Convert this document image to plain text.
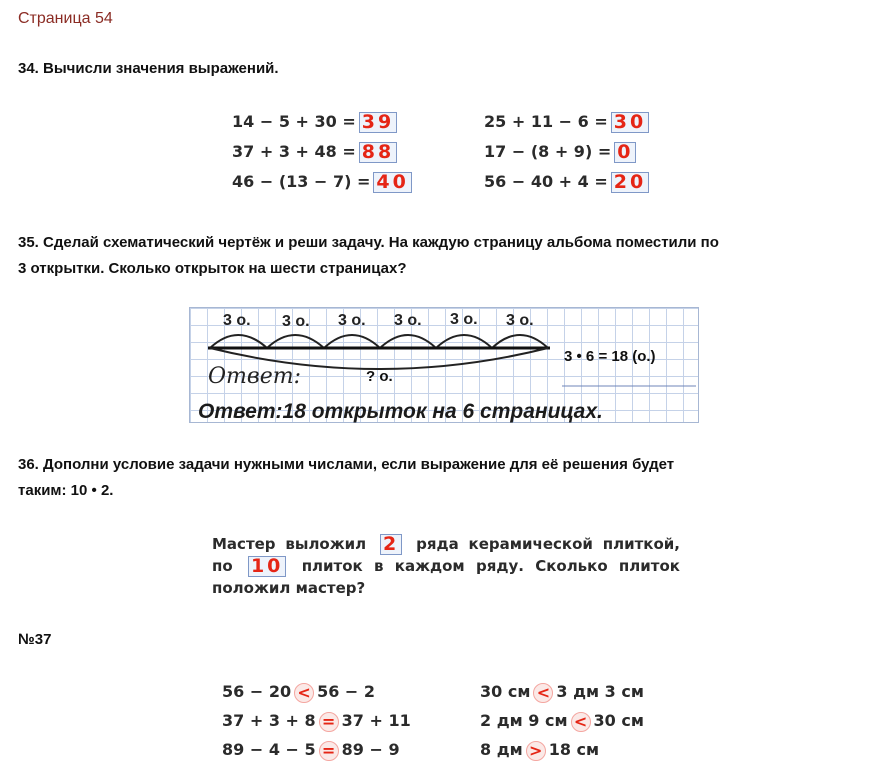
Страница 54
34. Вычисли значения выражений.
14 − 5 + 30 = 39
37 + 3 + 48 = 88
46 − (13 − 7) = 40
25 + 11 − 6 = 30
17 − (8 + 9) = 0
56 − 40 + 4 = 20
35. Сделай схематический чертёж и реши задачу. На каждую страницу альбома поместили по
3 открытки. Сколько открыток на шести страницах?
3 о. 3 о. 3 о. 3 о. 3 о. 3 о.
3 • 6 = 18 (о.)
Ответ:	? о.
Ответ:18 открыток на 6 страницах.
36. Дополни условие задачи нужными числами, если выражение для её решения будет
таким: 10 • 2.
Мастер выложил 2 ряда керамической плиткой, по 10 плиток в каждом ряду. Сколько плиток положил мастер?
№37
56 − 20 < 56 − 2
37 + 3 + 8 = 37 + 11
89 − 4 − 5 = 89 − 9
30 см < 3 дм 3 см
2 дм 9 см < 30 см
8 дм > 18 см
